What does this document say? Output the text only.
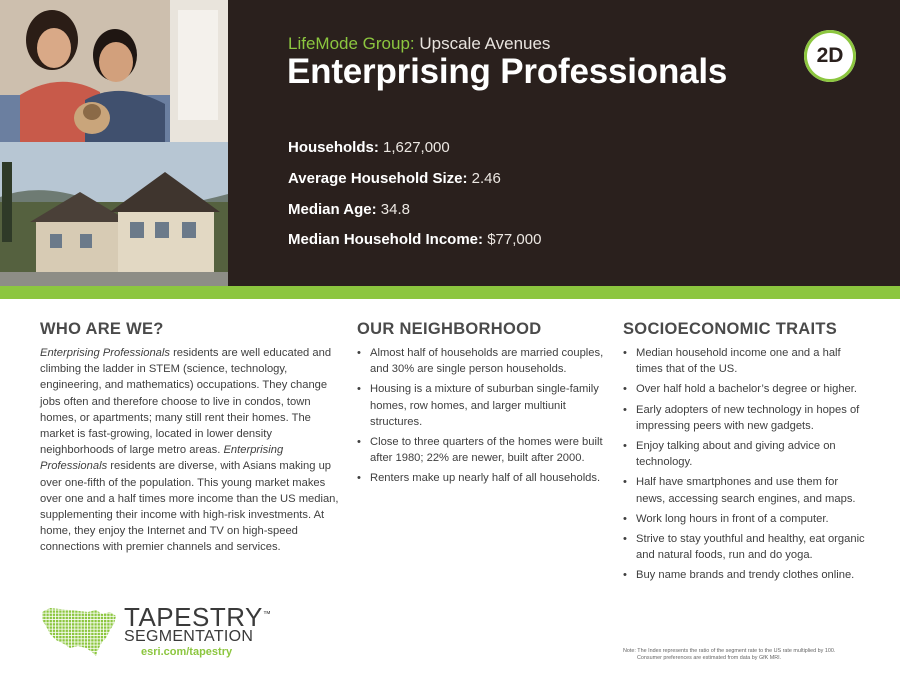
LifeMode Group: Upscale Avenues
Enterprising Professionals	2D
Households: 1,627,000
Average Household Size: 2.46
Median Age: 34.8
Median Household Income: $77,000
WHO ARE WE?

Enterprising Professionals residents are well educated and climbing the ladder in STEM (science, technology, engineering, and mathematics) occupations. They change jobs often and therefore choose to live in condos, town homes, or apartments; many still rent their homes. The market is fast-growing, located in lower density neighborhoods of large metro areas. Enterprising Professionals residents are diverse, with Asians making up over one-fifth of the population. This young market makes over one and a half times more income than the US median, supplementing their income with high-risk investments. At home, they enjoy the Internet and TV on high-speed connections with premier channels and services.

OUR NEIGHBORHOOD
• Almost half of households are married couples, and 30% are single person households.
• Housing is a mixture of suburban single-family homes, row homes, and larger multiunit structures.
• Close to three quarters of the homes were built after 1980; 22% are newer, built after 2000.
• Renters make up nearly half of all households.
SOCIOECONOMIC TRAITS
• Median household income one and a half times that of the US.
• Over half hold a bachelor’s degree or higher.
• Early adopters of new technology in hopes of impressing peers with new gadgets.
• Enjoy talking about and giving advice on technology.
• Half have smartphones and use them for news, accessing search engines, and maps.
• Work long hours in front of a computer.
• Strive to stay youthful and healthy, eat organic and natural foods, run and do yoga.
• Buy name brands and trendy clothes online.
TAPESTRY™
SEGMENTATION
esri.com/tapestry	Note: The Index represents the ratio of the segment rate to the US rate multiplied by 100.
Consumer preferences are estimated from data by GfK MRI.
